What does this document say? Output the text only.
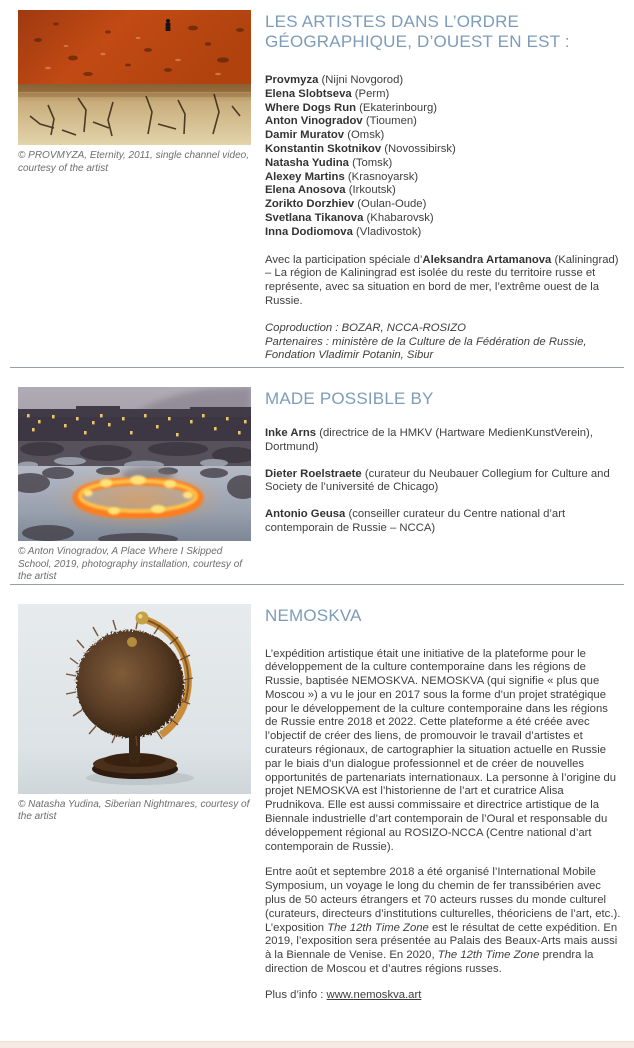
© PROVMYZA, Eternity, 2011, single channel video, courtesy of the artist
LES ARTISTES DANS L’ORDRE GÉOGRAPHIQUE, D’OUEST EN EST :
Provmyza (Nijni Novgorod)
Elena Slobtseva (Perm)
Where Dogs Run (Ekaterinbourg)
Anton Vinogradov (Tioumen)
Damir Muratov (Omsk)
Konstantin Skotnikov (Novossibirsk)
Natasha Yudina (Tomsk)
Alexey Martins (Krasnoyarsk)
Elena Anosova (Irkoutsk)
Zorikto Dorzhiev (Oulan-Oude)
Svetlana Tikanova (Khabarovsk)
Inna Dodiomova (Vladivostok)

Avec la participation spéciale d’Aleksandra Artamanova (Kaliningrad) – La région de Kaliningrad est isolée du reste du territoire russe et représente, avec sa situation en bord de mer, l’extrême ouest de la Russie.

Coproduction : BOZAR, NCCA-ROSIZO
Partenaires : ministère de la Culture de la Fédération de Russie, Fondation Vladimir Potanin, Sibur
© Anton Vinogradov, A Place Where I Skipped School, 2019, photography installation, courtesy of the artist
MADE POSSIBLE BY
Inke Arns (directrice de la HMKV (Hartware MedienKunstVerein), Dortmund)
Dieter Roelstraete (curateur du Neubauer Collegium for Culture and Society de l’université de Chicago)
Antonio Geusa (conseiller curateur du Centre national d’art contemporain de Russie – NCCA)
© Natasha Yudina, Siberian Nightmares, courtesy of the artist
NEMOSKVA

L’expédition artistique était une initiative de la plateforme pour le développement de la culture contemporaine dans les régions de Russie, baptisée NEMOSKVA. NEMOSKVA (qui signifie « plus que Moscou ») a vu le jour en 2017 sous la forme d’un projet stratégique pour le développement de la culture contemporaine dans les régions de Russie entre 2018 et 2022. Cette plateforme a été créée avec l’objectif de créer des liens, de promouvoir le travail d’artistes et curateurs régionaux, de cartographier la situation actuelle en Russie par le biais d’un dialogue professionnel et de créer de nouvelles opportunités de partenariats internationaux. La personne à l’origine du projet NEMOSKVA est l’historienne de l’art et curatrice Alisa Prudnikova. Elle est aussi commissaire et directrice artistique de la Biennale industrielle d’art contemporain de l’Oural et responsable du développement régional au ROSIZO-NCCA (Centre national d’art contemporain de Russie).

Entre août et septembre 2018 a été organisé l’International Mobile Symposium, un voyage le long du chemin de fer transsibérien avec plus de 50 acteurs étrangers et 70 acteurs russes du monde culturel (curateurs, directeurs d’institutions culturelles, théoriciens de l’art, etc.). L’exposition The 12th Time Zone est le résultat de cette expédition. En 2019, l’exposition sera présentée au Palais des Beaux-Arts mais aussi à la Biennale de Venise. En 2020, The 12th Time Zone prendra la direction de Moscou et d’autres régions russes.

Plus d’info : www.nemoskva.art
